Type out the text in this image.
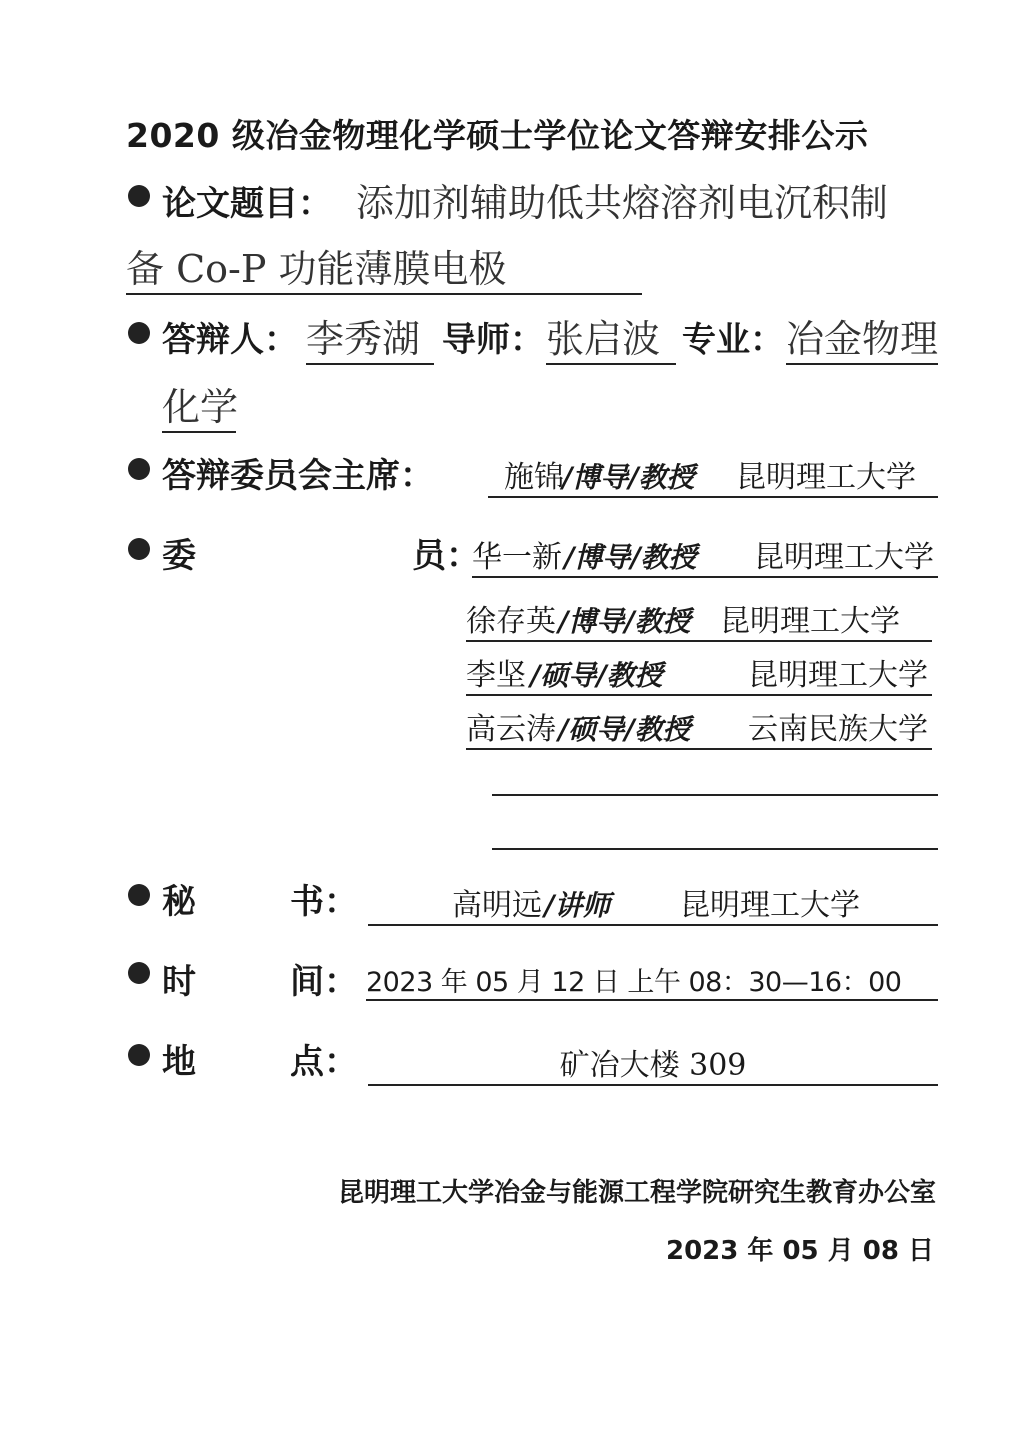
2020 级冶金物理化学硕士学位论文答辩安排公示
论文题目： 添加剂辅助低共熔溶剂电沉积制
备 Co-P 功能薄膜电极
答辩人： 李秀湖 导师： 张启波 专业： 冶金物理
化学
答辩委员会主席：	施锦/博导/教授 昆明理工大学
委	员：
华一新/博导/教授 昆明理工大学
徐存英/博导/教授 昆明理工大学
李坚 /硕导/教授	昆明理工大学
高云涛/硕导/教授 云南民族大学
秘	书：	高明远/讲师 昆明理工大学
时	间： 2023 年 05 月 12 日 上午 08：30—16：00
地	点：	矿冶大楼 309
昆明理工大学冶金与能源工程学院研究生教育办公室
2023 年 05 月 08 日
